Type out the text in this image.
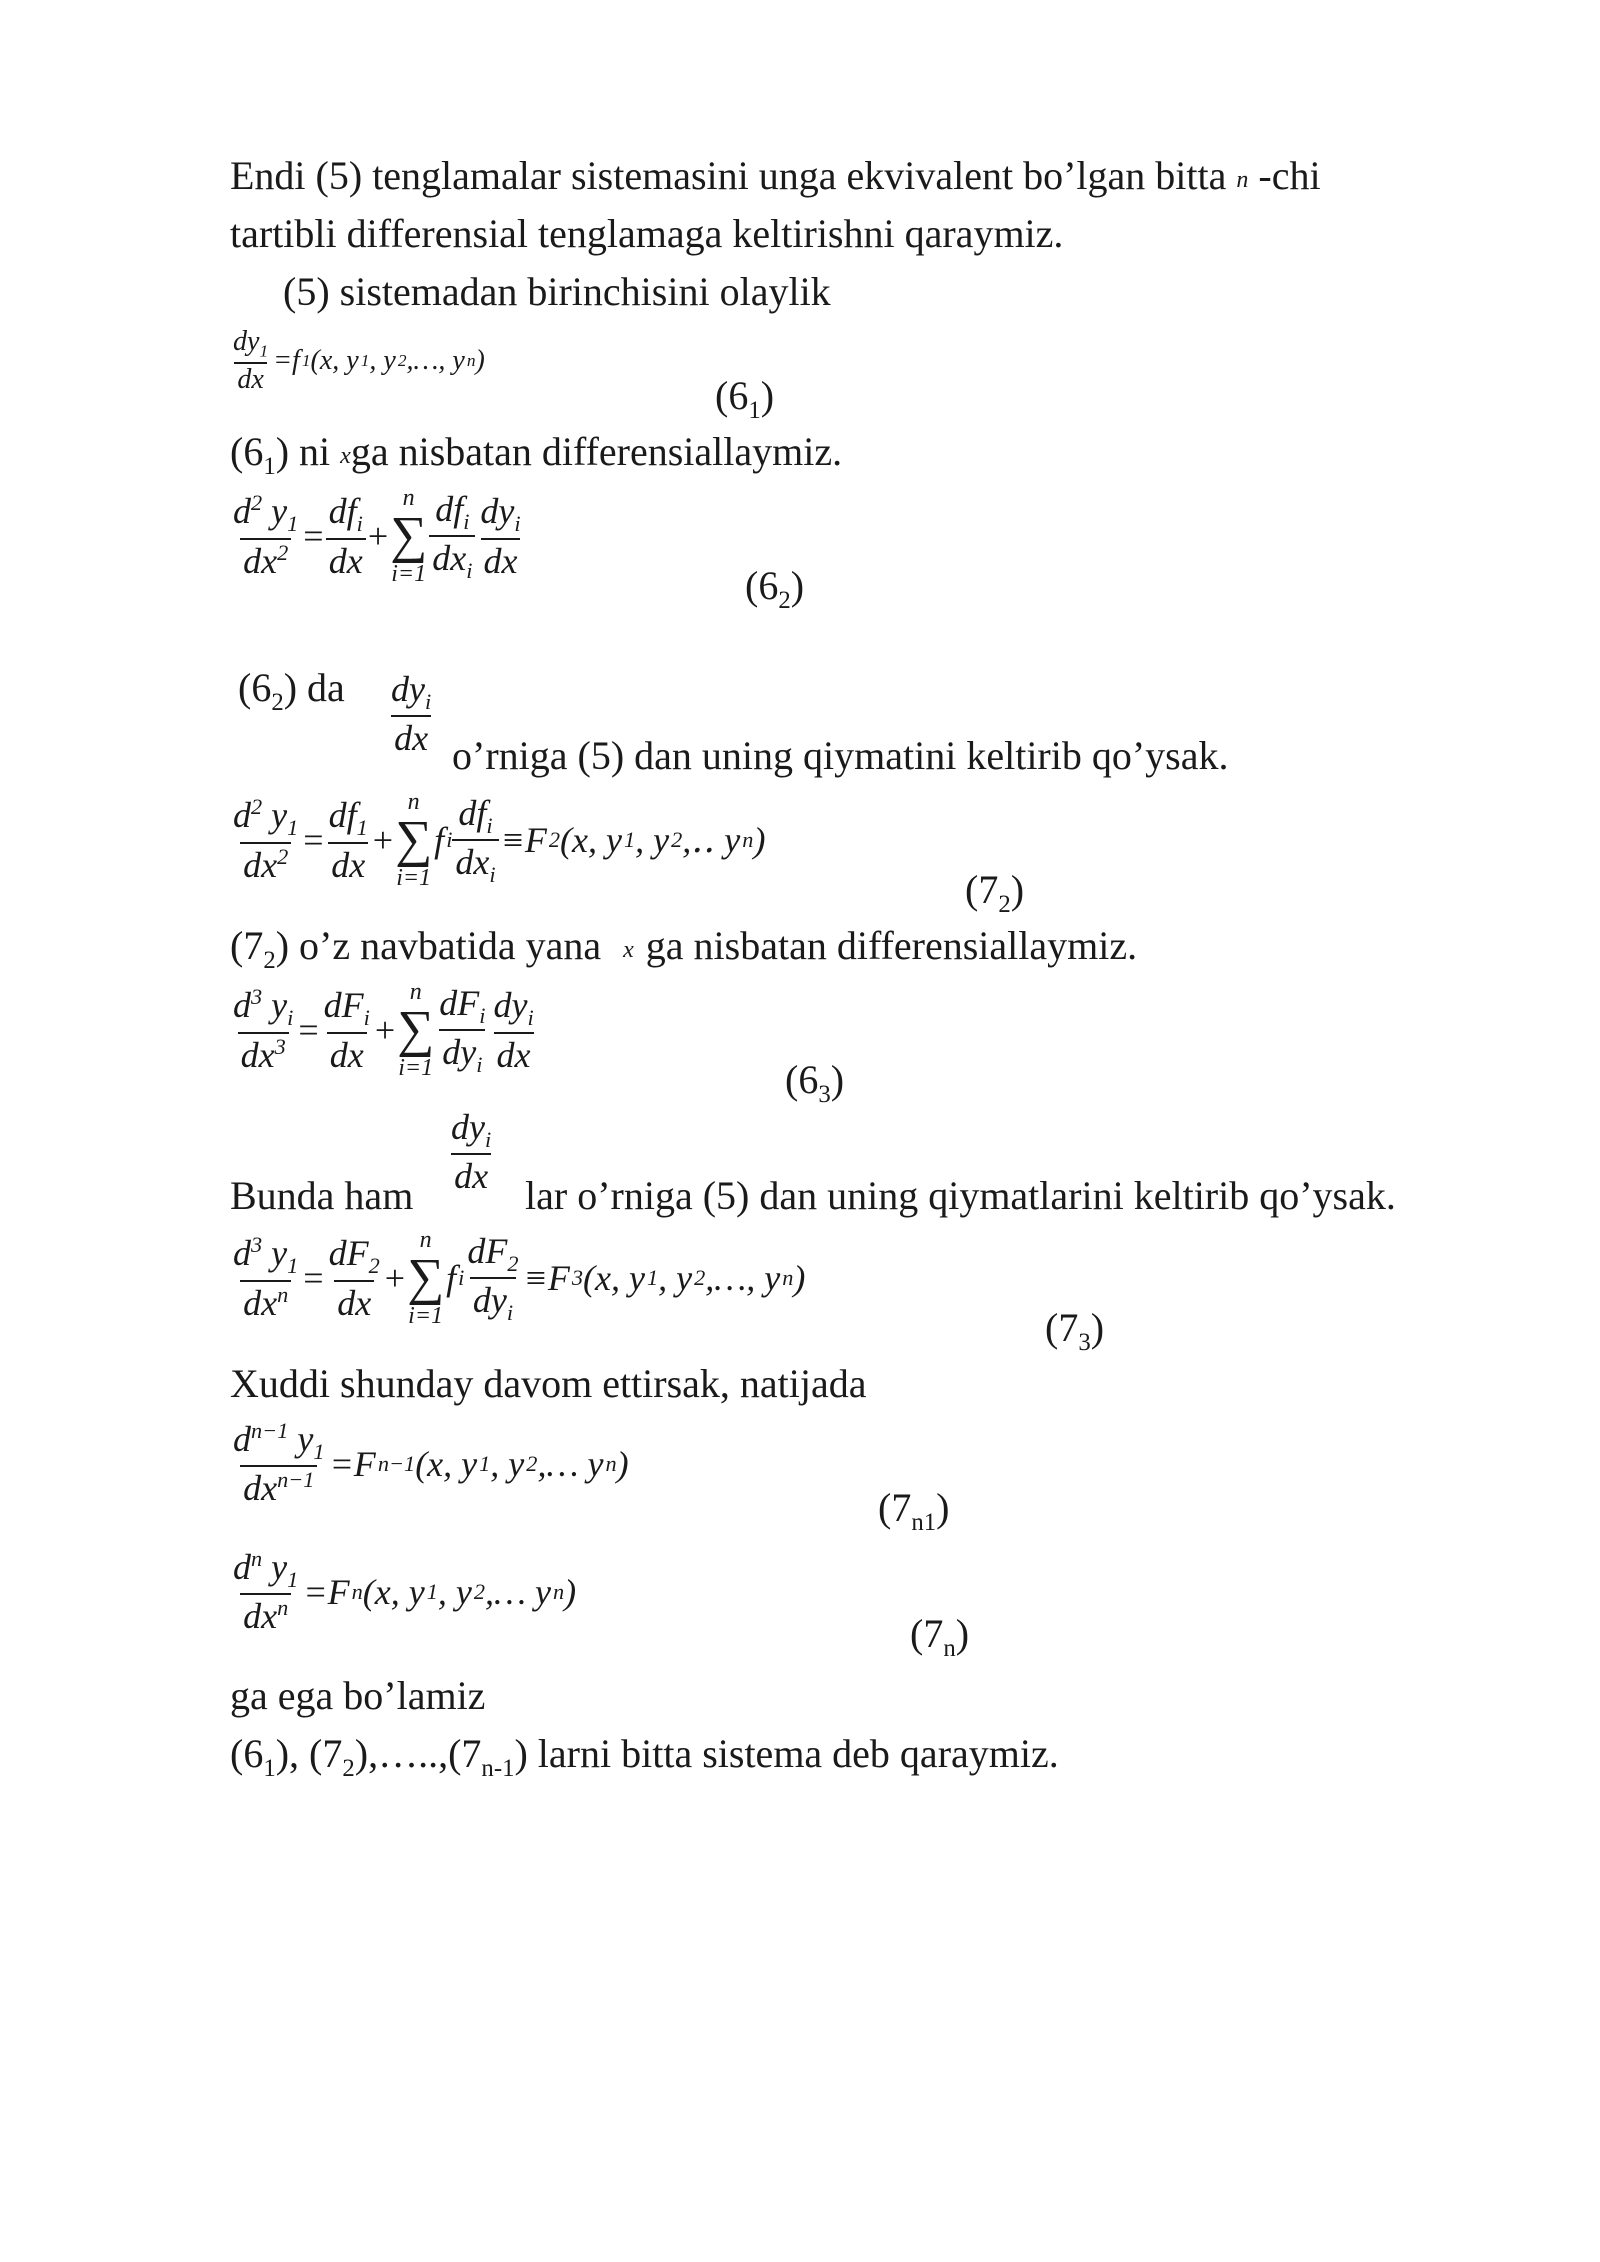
Endi (5) tenglamalar sistemasini unga ekvivalent bo’lgan bitta n -chi
tartibli differensial tenglamaga keltirishni qaraymiz.
(5) sistemadan birinchisini olaylik
$\frac{dy_1}{dx} =f$ 1 (x, y 1 , y 2 ,…, y n )
$(6_1)$
$(6_1)$ ni xga nisbatan differensiallaymiz.
$\frac{d^2 y_1}{dx^2} = \frac{df_i}{dx}$ +
n
∑
$i=1 \frac{df_i}{dx_i} \frac{dy_i}{dx}$
$(6_2)$
$(6_2)$ da $dy_i$
dx o’rniga (5) dan uning qiymatini keltirib qo’ysak.
$\frac{d^2 y_1}{dx^2} = \frac{df_1}{dx}$ +
n
∑
i=1
f i $\frac{df_i}{dx_i} \equiv F$ 2 (x, y 1 , y 2 ,‥ y n )
$(7_2)$
$(7_2)$ o’z navbatida yana x ga nisbatan differensiallaymiz.
$\frac{d^3 y_i}{dx^3} = \frac{dF_i}{dx}$ +
n
∑
$i=1 \frac{dF_i}{dy_i} \frac{dy_i}{dx}$
$(6_3)$
Bunda ham
$dy_i$
dx lar o’rniga (5) dan uning qiymatlarini keltirib qo’ysak.
$\frac{d^3 y_1}{dx^n} = \frac{dF_2}{dx}$ +
n
∑
i=1
f i $\frac{dF_2}{dy_i} \equiv F$ 3 (x, y 1 , y 2 ,…, y n )
$(7_3)$
Xuddi shunday davom ettirsak, natijada
$\frac{d^{n-1} y_1}{dx^{n-1}} =F$ n−1 (x, y 1 , y 2 ,… y n )
$(7_{n1})$
$\frac{d^n y_1}{dx^n} =F$ n (x, y 1 , y 2 ,… y n )
$(7_n)$
ga ega bo’lamiz
$(6_1)$, $(7_2),\dots..,(7_{n-1})$ larni bitta sistema deb qaraymiz.
